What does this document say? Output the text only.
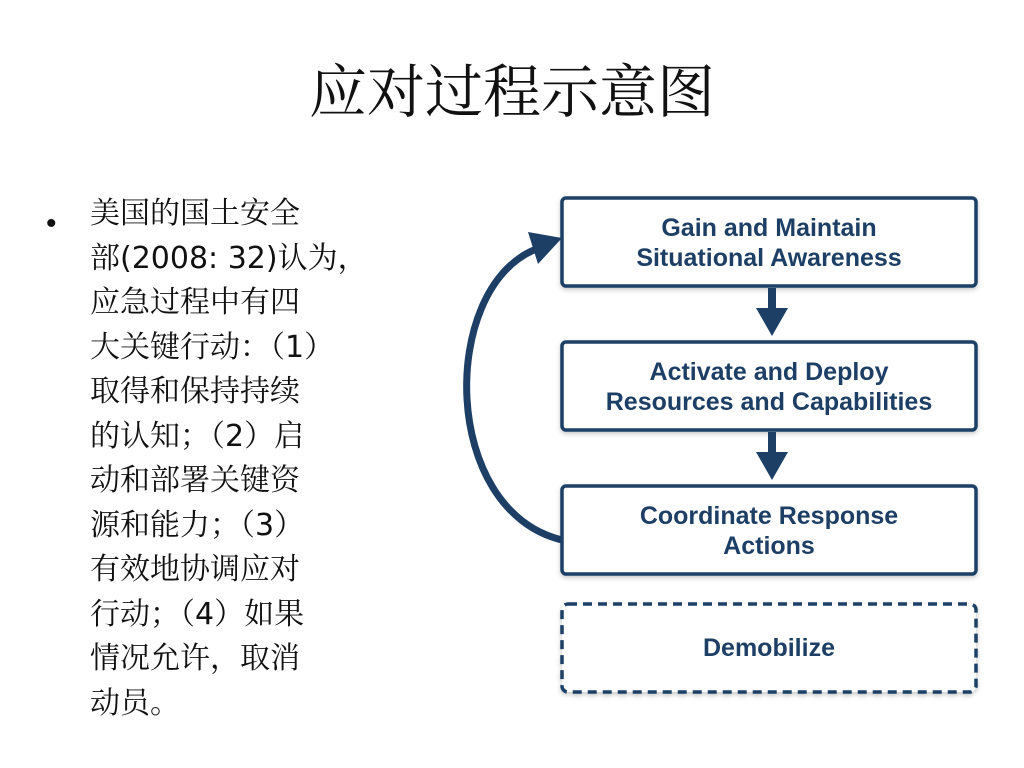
应对过程示意图
• 美国的国土安全
部(2008: 32)认为，
应急过程中有四
大关键行动：（1）
取得和保持持续
的认知；（2）启
动和部署关键资
源和能力；（3）
有效地协调应对
行动；（4）如果
情况允许，取消
动员。
Gain and Maintain
Situational Awareness
Activate and Deploy
Resources and Capabilities
Coordinate Response
Actions
Demobilize
